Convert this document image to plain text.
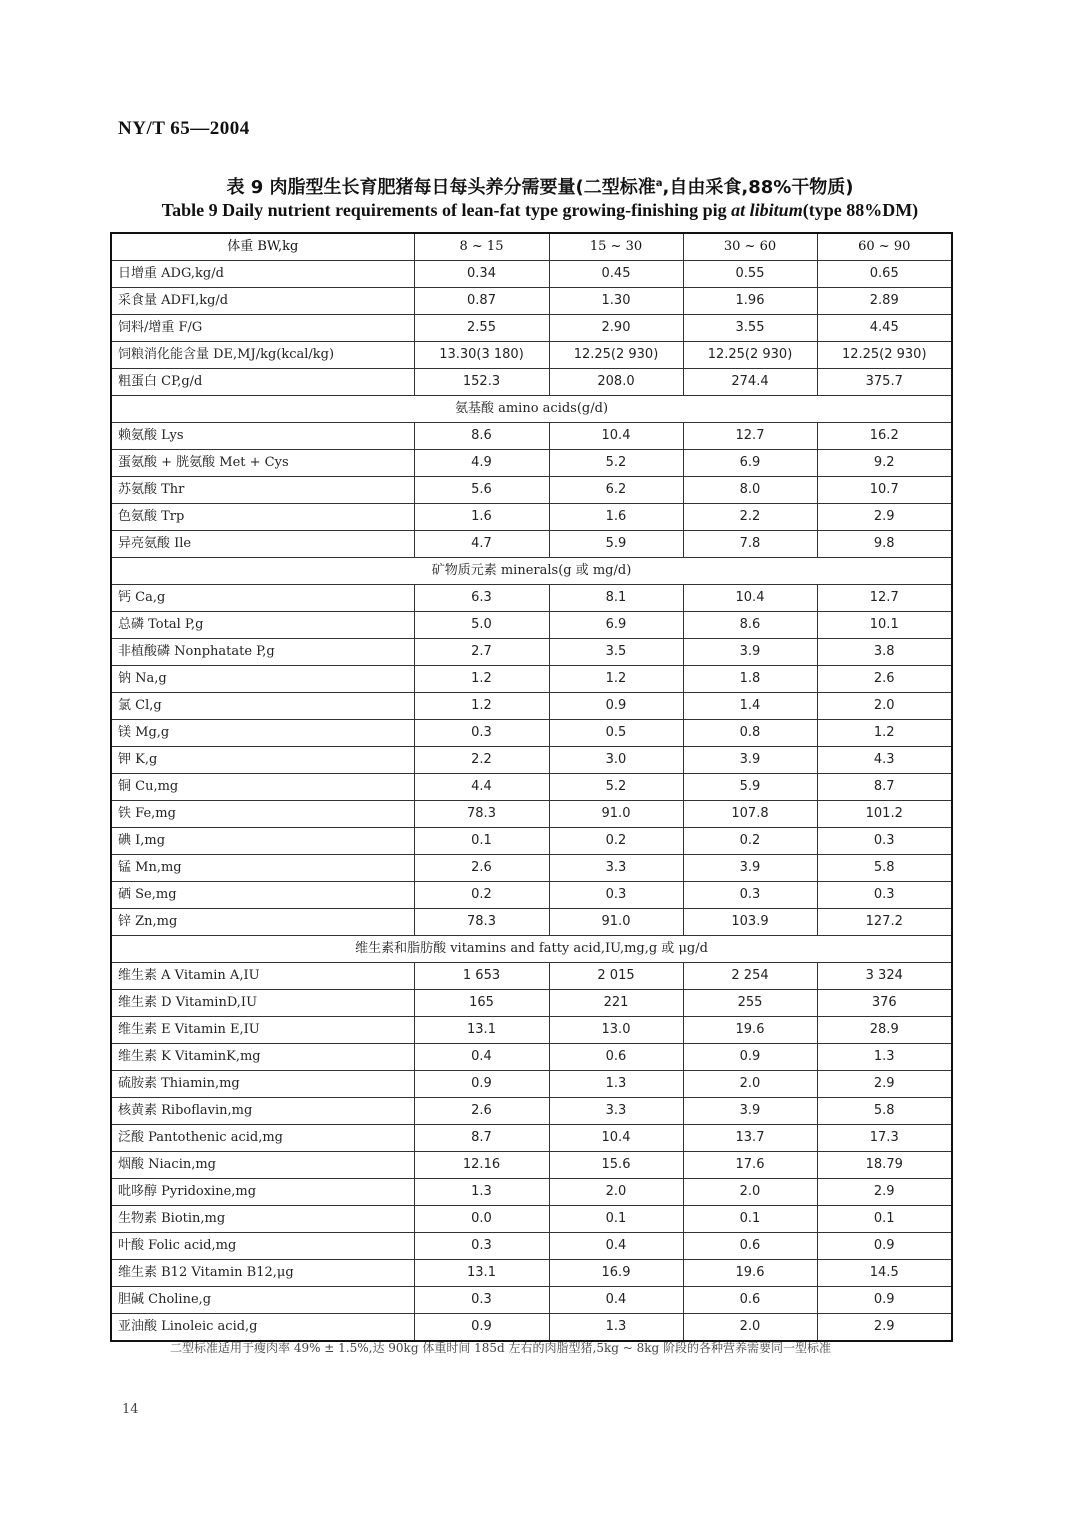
NY/T 65—2004
表 9 肉脂型生长育肥猪每日每头养分需要量(二型标准$^a$,自由采食,88%干物质)
Table 9 Daily nutrient requirements of lean-fat type growing-finishing pig at libitum(type 88%DM)
体重 BW,kg	8 ~ 15	15 ~ 30	30 ~ 60	60 ~ 90
日增重 ADG,kg/d	0.34	0.45	0.55	0.65
采食量 ADFI,kg/d	0.87	1.30	1.96	2.89
饲料/增重 F/G	2.55	2.90	3.55	4.45
饲粮消化能含量 DE,MJ/kg(kcal/kg)	13.30(3 180)	12.25(2 930)	12.25(2 930)	12.25(2 930)
粗蛋白 CP,g/d	152.3	208.0	274.4	375.7
氨基酸 amino acids(g/d)				
赖氨酸 Lys	8.6	10.4	12.7	16.2
蛋氨酸 + 胱氨酸 Met + Cys	4.9	5.2	6.9	9.2
苏氨酸 Thr	5.6	6.2	8.0	10.7
色氨酸 Trp	1.6	1.6	2.2	2.9
异亮氨酸 Ile	4.7	5.9	7.8	9.8
矿物质元素 minerals(g 或 mg/d)				
钙 Ca,g	6.3	8.1	10.4	12.7
总磷 Total P,g	5.0	6.9	8.6	10.1
非植酸磷 Nonphatate P,g	2.7	3.5	3.9	3.8
钠 Na,g	1.2	1.2	1.8	2.6
氯 Cl,g	1.2	0.9	1.4	2.0
镁 Mg,g	0.3	0.5	0.8	1.2
钾 K,g	2.2	3.0	3.9	4.3
铜 Cu,mg	4.4	5.2	5.9	8.7
铁 Fe,mg	78.3	91.0	107.8	101.2
碘 I,mg	0.1	0.2	0.2	0.3
锰 Mn,mg	2.6	3.3	3.9	5.8
硒 Se,mg	0.2	0.3	0.3	0.3
锌 Zn,mg	78.3	91.0	103.9	127.2
维生素和脂肪酸 vitamins and fatty acid,IU,mg,g 或 μg/d				
维生素 A Vitamin A,IU	1 653	2 015	2 254	3 324
维生素 D VitaminD,IU	165	221	255	376
维生素 E Vitamin E,IU	13.1	13.0	19.6	28.9
维生素 K VitaminK,mg	0.4	0.6	0.9	1.3
硫胺素 Thiamin,mg	0.9	1.3	2.0	2.9
核黄素 Riboflavin,mg	2.6	3.3	3.9	5.8
泛酸 Pantothenic acid,mg	8.7	10.4	13.7	17.3
烟酸 Niacin,mg	12.16	15.6	17.6	18.79
吡哆醇 Pyridoxine,mg	1.3	2.0	2.0	2.9
生物素 Biotin,mg	0.0	0.1	0.1	0.1
叶酸 Folic acid,mg	0.3	0.4	0.6	0.9
维生素 B12 Vitamin B12,μg	13.1	16.9	19.6	14.5
胆碱 Choline,g	0.3	0.4	0.6	0.9
亚油酸 Linoleic acid,g	0.9	1.3	2.0	2.9
二型标准适用于瘦肉率 49% ± 1.5%,达 90kg 体重时间 185d 左右的肉脂型猪,5kg ~ 8kg 阶段的各种营养需要同一型标准
14
